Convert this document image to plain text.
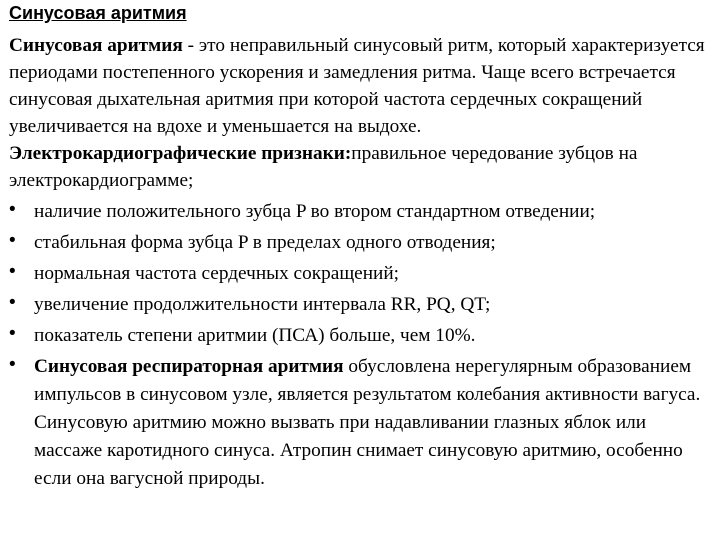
Синусовая аритмия

Синусовая аритмия - это неправильный синусовый ритм, который характеризуется периодами постепенного ускорения и замедления ритма. Чаще всего встречается синусовая дыхательная аритмия при которой частота сердечных сокращений увеличивается на вдохе и уменьшается на выдохе.

Электрокардиографические признаки:правильное чередование зубцов на электрокардиограмме;

• наличие положительного зубца P во втором стандартном отведении;
• стабильная форма зубца P в пределах одного отводения;
• нормальная частота сердечных сокращений;
• увеличение продолжительности интервала RR, PQ, QT;
• показатель степени аритмии (ПСА) больше, чем 10%.
• Синусовая респираторная аритмия обусловлена нерегулярным образованием импульсов в синусовом узле, является результатом колебания активности вагуса. Синусовую аритмию можно вызвать при надавливании глазных яблок или массаже каротидного синуса. Атропин снимает синусовую аритмию, особенно если она вагусной природы.
